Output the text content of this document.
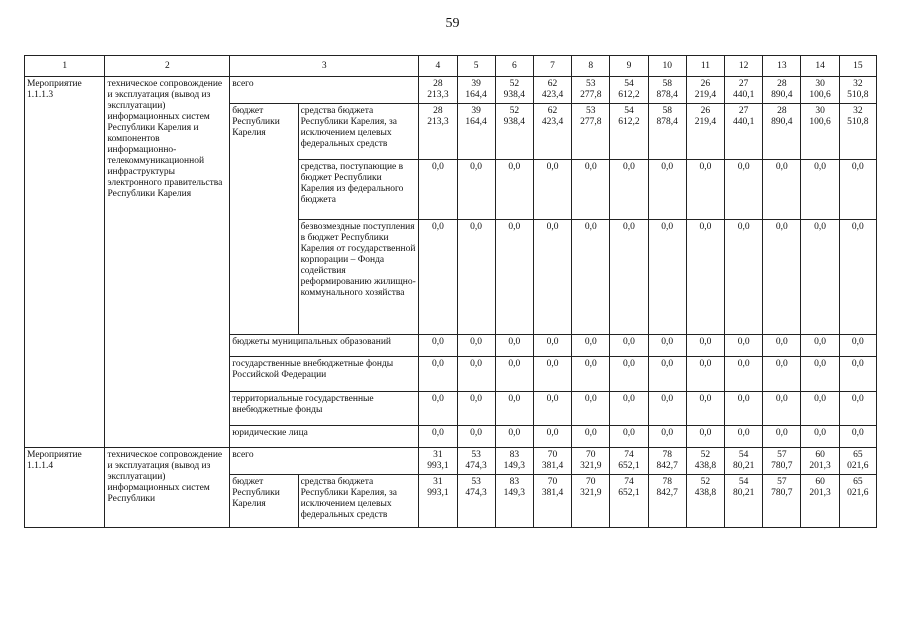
59
1	2	3		4	5	6	7	8	9	10	11	12	13	14	15
Мероприятие 1.1.1.3	техническое сопровождение и эксплуатация (вывод из эксплуатации) информационных систем Республики Карелия и компонентов информационно-телекоммуникационной инфраструктуры электронного правительства Республики Карелия	всего		28 213,3	39 164,4	52 938,4	62 423,4	53 277,8	54 612,2	58 878,4	26 219,4	27 440,1	28 890,4	30 100,6	32 510,8
		бюджет Республики Карелия	средства бюджета Республики Карелия, за исключением целевых федеральных средств	28 213,3	39 164,4	52 938,4	62 423,4	53 277,8	54 612,2	58 878,4	26 219,4	27 440,1	28 890,4	30 100,6	32 510,8
			средства, поступающие в бюджет Республики Карелия из федерального бюджета	0,0	0,0	0,0	0,0	0,0	0,0	0,0	0,0	0,0	0,0	0,0	0,0
			безвозмездные поступления в бюджет Республики Карелия от государственной корпорации – Фонда содействия реформированию жилищно-коммунального хозяйства	0,0	0,0	0,0	0,0	0,0	0,0	0,0	0,0	0,0	0,0	0,0	0,0
		бюджеты муниципальных образований		0,0	0,0	0,0	0,0	0,0	0,0	0,0	0,0	0,0	0,0	0,0	0,0
		государственные внебюджетные фонды Российской Федерации		0,0	0,0	0,0	0,0	0,0	0,0	0,0	0,0	0,0	0,0	0,0	0,0
		территориальные государственные внебюджетные фонды		0,0	0,0	0,0	0,0	0,0	0,0	0,0	0,0	0,0	0,0	0,0	0,0
		юридические лица		0,0	0,0	0,0	0,0	0,0	0,0	0,0	0,0	0,0	0,0	0,0	0,0
Мероприятие 1.1.1.4	техническое сопровождение и эксплуатация (вывод из эксплуатации) информационных систем Республики	всего		31 993,1	53 474,3	83 149,3	70 381,4	70 321,9	74 652,1	78 842,7	52 438,8	54 80,21	57 780,7	60 201,3	65 021,6
		бюджет Республики Карелия	средства бюджета Республики Карелия, за исключением целевых федеральных средств	31 993,1	53 474,3	83 149,3	70 381,4	70 321,9	74 652,1	78 842,7	52 438,8	54 80,21	57 780,7	60 201,3	65 021,6
